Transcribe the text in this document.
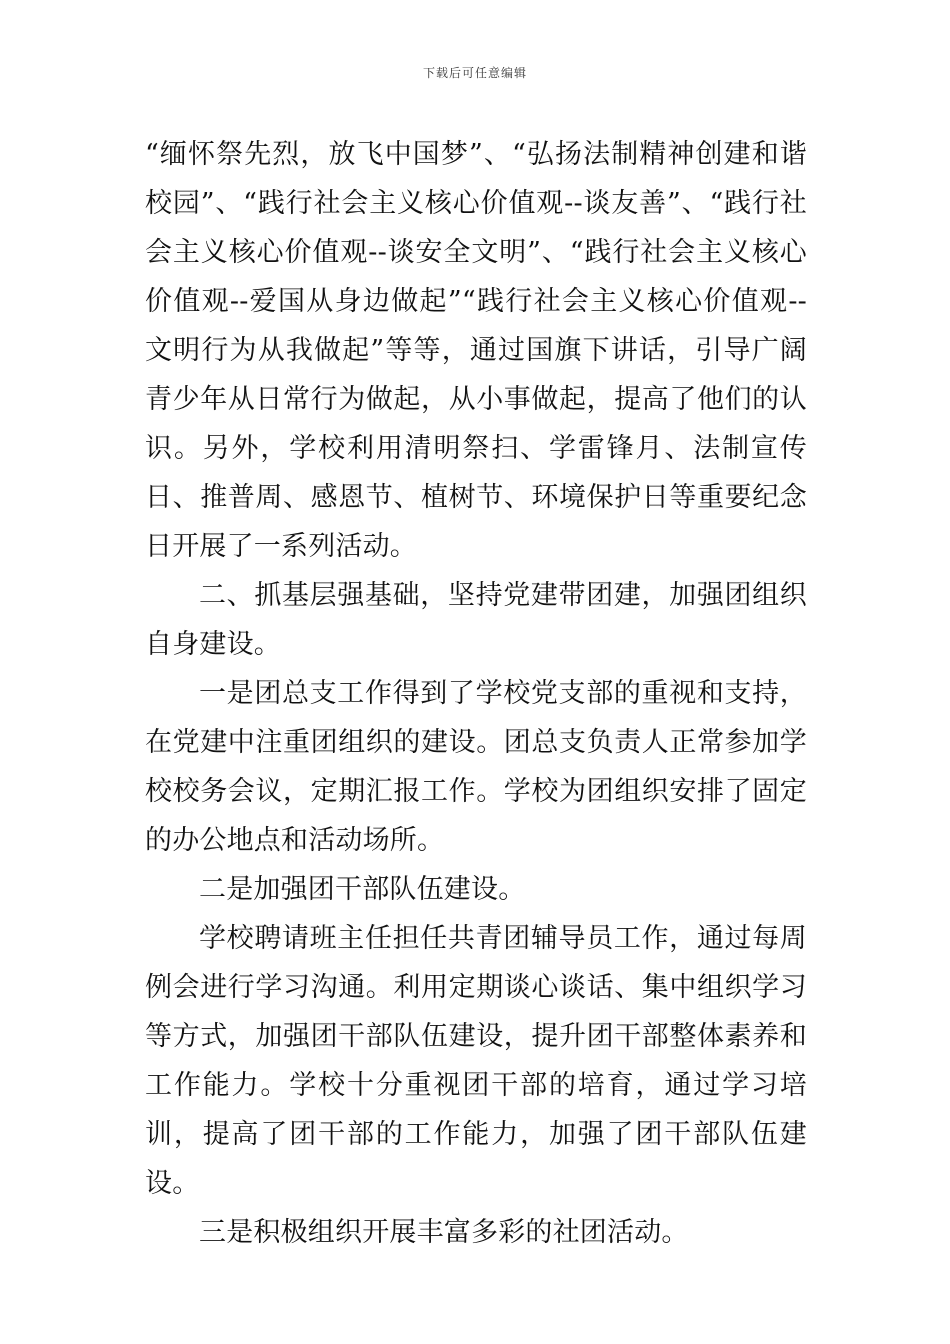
下载后可任意编辑

“缅怀祭先烈，放飞中国梦”、“弘扬法制精神创建和谐校园”、“践行社会主义核心价值观--谈友善”、“践行社会主义核心价值观--谈安全文明”、“践行社会主义核心价值观--爱国从身边做起”“践行社会主义核心价值观--文明行为从我做起”等等，通过国旗下讲话，引导广阔青少年从日常行为做起，从小事做起，提高了他们的认识。另外，学校利用清明祭扫、学雷锋月、法制宣传日、推普周、感恩节、植树节、环境保护日等重要纪念日开展了一系列活动。

二、抓基层强基础，坚持党建带团建，加强团组织自身建设。

一是团总支工作得到了学校党支部的重视和支持，在党建中注重团组织的建设。团总支负责人正常参加学校校务会议，定期汇报工作。学校为团组织安排了固定的办公地点和活动场所。

二是加强团干部队伍建设。

学校聘请班主任担任共青团辅导员工作，通过每周例会进行学习沟通。利用定期谈心谈话、集中组织学习等方式，加强团干部队伍建设，提升团干部整体素养和工作能力。学校十分重视团干部的培育，通过学习培训，提高了团干部的工作能力，加强了团干部队伍建设。

三是积极组织开展丰富多彩的社团活动。
